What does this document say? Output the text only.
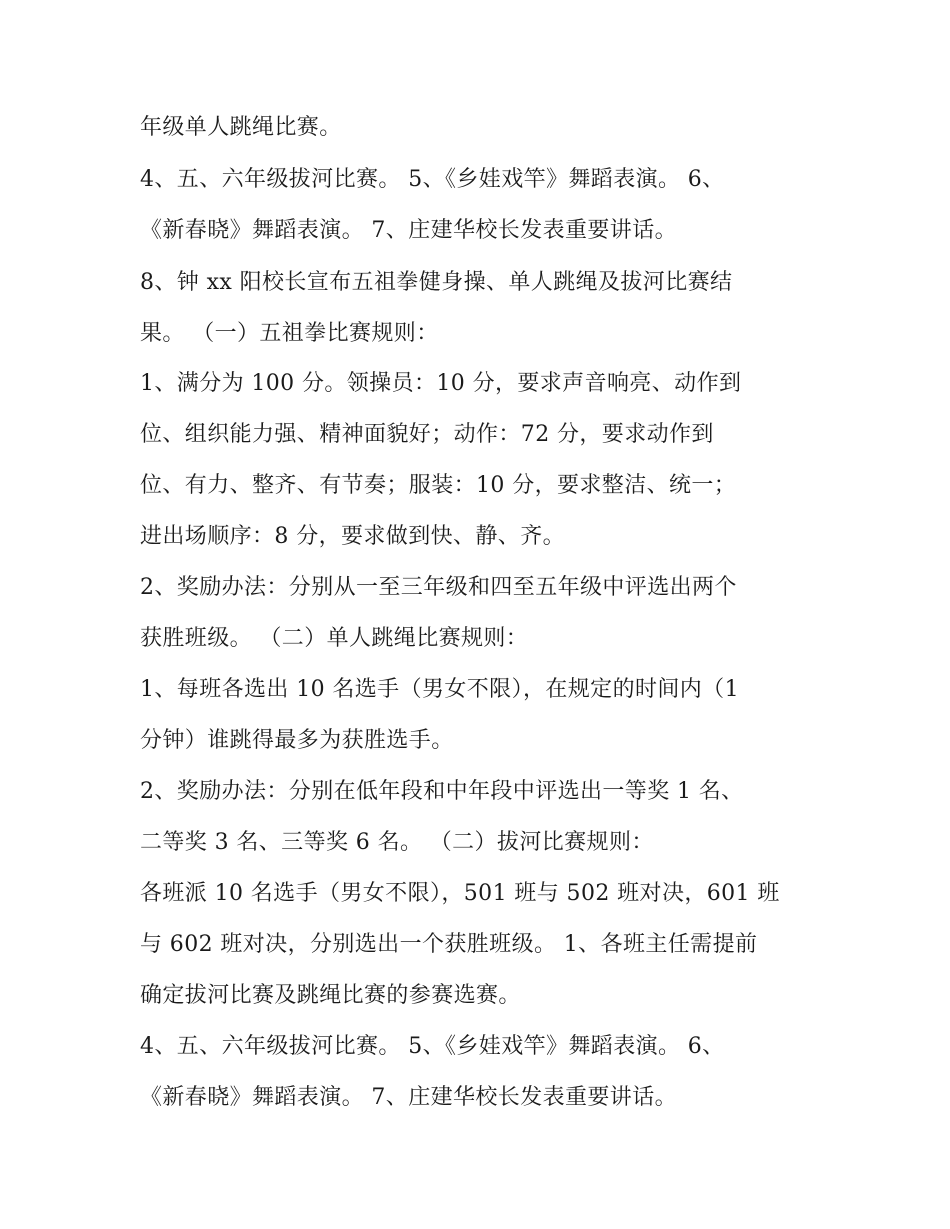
年级单人跳绳比赛。

4、五、六年级拔河比赛。 5、《乡娃戏竿》舞蹈表演。 6、

《新春晓》舞蹈表演。 7、庄建华校长发表重要讲话。

8、钟 xx 阳校长宣布五祖拳健身操、单人跳绳及拔河比赛结

果。 （一）五祖拳比赛规则：

1、满分为 100 分。领操员：10 分，要求声音响亮、动作到

位、组织能力强、精神面貌好；动作：72 分，要求动作到

位、有力、整齐、有节奏；服装：10 分，要求整洁、统一；

进出场顺序：8 分，要求做到快、静、齐。

2、奖励办法：分别从一至三年级和四至五年级中评选出两个

获胜班级。 （二）单人跳绳比赛规则：

1、每班各选出 10 名选手（男女不限），在规定的时间内（1

分钟）谁跳得最多为获胜选手。

2、奖励办法：分别在低年段和中年段中评选出一等奖 1 名、

二等奖 3 名、三等奖 6 名。 （二）拔河比赛规则：

各班派 10 名选手（男女不限），501 班与 502 班对决，601 班

与 602 班对决，分别选出一个获胜班级。 1、各班主任需提前

确定拔河比赛及跳绳比赛的参赛选赛。

4、五、六年级拔河比赛。 5、《乡娃戏竿》舞蹈表演。 6、

《新春晓》舞蹈表演。 7、庄建华校长发表重要讲话。
